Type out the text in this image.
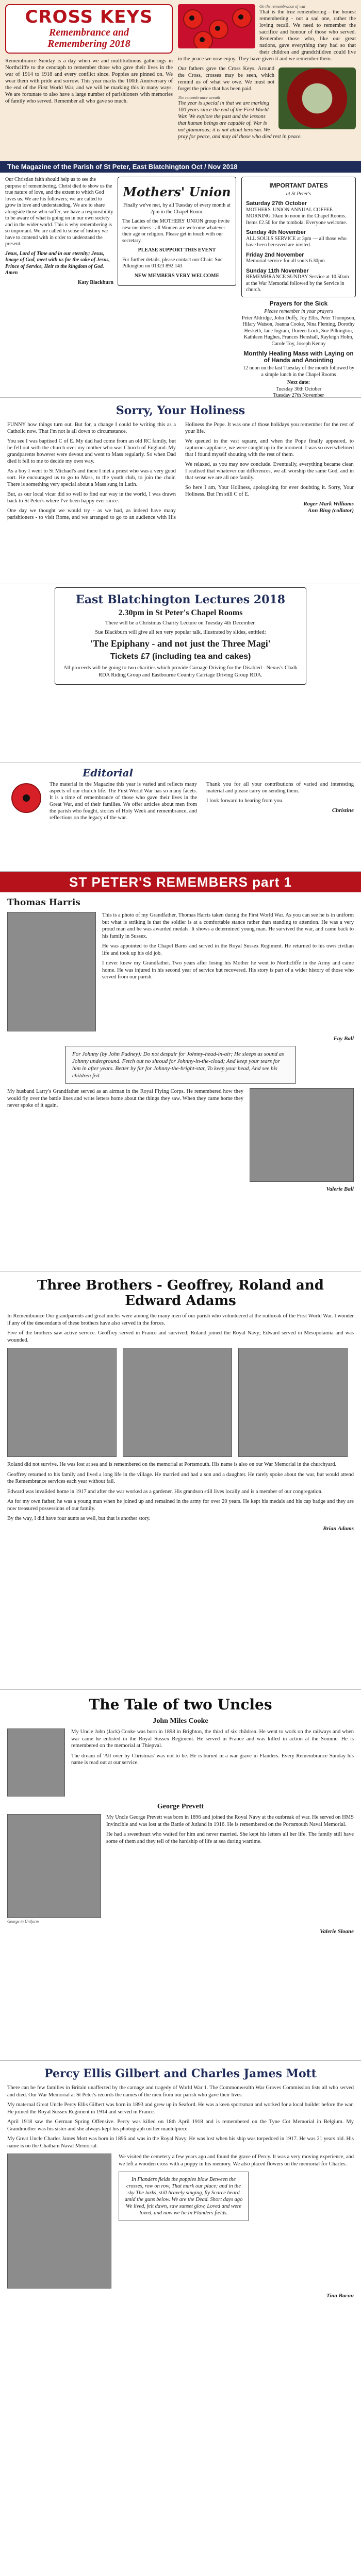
CROSS KEYS
Remembrance and
Remembering 2018
Remembrance Sunday is a day when we and multitudinous gatherings in Northcliffe to the cenotaph to remember those who gave their lives in the war of 1914 to 1918 and every conflict since. Poppies are pinned on. We wear them with pride and sorrow. This year marks the 100th Anniversary of the end of the First World War, and we will be marking this in many ways. We are fortunate to also have a large number of parishioners with memories of family who served. Remember all who gave so much.
On the remembrance of war

That is the true remembering - the honest remembering - not a sad one, rather the loving recall. We need to remember the sacrifice and honour of those who served. Remember those who, like our great nations, gave everything they had so that their children and grandchildren could live in the peace we now enjoy. They have given it and we remember them.

Our fathers gave the Cross Keys. Around the Cross, crosses may be seen, which remind us of what we owe. We must not forget the price that has been paid.

The remembrance wreath
The year is special in that we are marking 100 years since the end of the First World War. We explore the past and the lessons that human beings are capable of. War is not glamorous; it is not about heroism. We pray for peace, and may all those who died rest in peace.
The Magazine of the Parish of St Peter, East Blatchington Oct / Nov 2018

Our Christian faith should help us to see the purpose of remembering. Christ died to show us the true nature of love, and the extent to which God loves us. We are his followers; we are called to grow in love and understanding. We are to share alongside those who suffer; we have a responsibility to be aware of what is going on in our own society and in the wider world. This is why remembering is so important. We are called to sense of history we have to contend with in order to understand the present.

Jesus, Lord of Time and in our eternity; Jesus, Image of God, meet with us for the sake of Jesus, Prince of Service, Heir to the kingdom of God. Amen

Katy Blackburn

Mothers' Union

Finally we've met, by all Tuesday of every month at 2pm in the Chapel Room.

The Ladies of the MOTHERS' UNION group invite new members - all Women are welcome whatever their age or religion. Please get in touch with our secretary.

PLEASE SUPPORT THIS EVENT

For further details, please contact our Chair: Sue Pilkington on 01323 892 143

NEW MEMBERS VERY WELCOME

IMPORTANT DATES
at St Peter's
Saturday 27th October
MOTHERS' UNION ANNUAL COFFEE MORNING 10am to noon in the Chapel Rooms. Items £2.50 for the tombola. Everyone welcome.
Sunday 4th November
ALL SOULS SERVICE at 3pm — all those who have been bereaved are invited.
Friday 2nd November
Memorial service for all souls 6.30pm
Sunday 11th November
REMEMBRANCE SUNDAY Service at 10.50am at the War Memorial followed by the Service in church.
Prayers for the Sick
Please remember in your prayers
Peter Aldridge, John Duffy, Joy Ellis, Peter Thompson, Hilary Watson, Joanna Cooke, Nina Fleming, Dorothy Hesketh, Jane Ingram, Doreen Lock, Sue Pilkington, Kathleen Hughes, Frances Henshall, Rayleigh Holm, Carole Toy, Joseph Kenny
Monthly Healing Mass with Laying on of Hands and Anointing
12 noon on the last Tuesday of the month followed by a simple lunch in the Chapel Rooms
Next date:
Tuesday 30th October
Tuesday 27th November
Sorry, Your Holiness

FUNNY how things turn out. But for, a change I could be writing this as a Catholic now. That I'm not is all down to circumstance.

You see I was baptised C of E. My dad had come from an old RC family, but he fell out with the church over my mother who was Church of England. My grandparents however were devout and went to Mass regularly. So when Dad died it fell to me to decide my own way.

As a boy I went to St Michael's and there I met a priest who was a very good sort. He encouraged us to go to Mass, to the youth club, to join the choir. There is something very special about a Mass sung in Latin.

But, as our local vicar did so well to find our way in the world, I was drawn back to St Peter's where I've been happy ever since.

One day we thought we would try - as we had, as indeed have many parishioners - to visit Rome, and we arranged to go to an audience with His Holiness the Pope. It was one of those holidays you remember for the rest of your life.

We queued in the vast square, and when the Pope finally appeared, to rapturous applause, we were caught up in the moment. I was so overwhelmed that I found myself shouting with the rest of them.

We relaxed, as you may now conclude. Eventually, everything became clear. I realised that whatever our differences, we all worship the same God, and in that sense we are all one family.

So here I am, Your Holiness, apologising for ever doubting it. Sorry, Your Holiness. But I'm still C of E.

Roger Mark Williams
Ann Bing (collator)
East Blatchington Lectures 2018
2.30pm in St Peter's Chapel Rooms

There will be a Christmas Charity Lecture on Tuesday 4th December.

Sue Blackburn will give all ten very popular talk, illustrated by slides, entitled:

'The Epiphany - and not just the Three Magi'
Tickets £7 (including tea and cakes)

All proceeds will be going to two charities which provide Carnage Driving for the Disabled - Nexus's Chalk RDA Riding Group and Eastbourne Country Carriage Driving Group RDA.

Editorial

The material in the Magazine this year is varied and reflects many aspects of our church life. The First World War has so many facets. It is a time of remembrance of those who gave their lives in the Great War, and of their families. We offer articles about men from the parish who fought, stories of Holy Week and remembrance, and reflections on the legacy of the war.

Thank you for all your contributions of varied and interesting material and please carry on sending them.

I look forward to hearing from you.

Christine
ST PETER'S REMEMBERS part 1
Thomas Harris

This is a photo of my Grandfather, Thomas Harris taken during the First World War. As you can see he is in uniform but what is striking is that the soldier is at a comfortable stance rather than standing to attention. He was a very proud man and he was awarded medals. It shows a determined young man. He survived the war, and came back to his family in Sussex.

He was appointed to the Chapel Barns and served in the Royal Sussex Regiment. He returned to his own civilian life and took up his old job.

I never knew my Grandfather. Two years after losing his Mother he went to Northcliffe in the Army and came home. He was injured in his second year of service but recovered. His story is part of a wider history of those who served from our parish.

Fay Ball
For Johnny (by John Pudney): Do not despair for Johnny-head-in-air; He sleeps as sound as Johnny underground. Fetch out no shroud for Johnny-in-the-cloud; And keep your tears for him in after years. Better by far for Johnny-the-bright-star, To keep your head, And see his children fed.

My husband Larry's Grandfather served as an airman in the Royal Flying Corps. He remembered how they would fly over the battle lines and write letters home about the things they saw. When they came home they never spoke of it again.

Valerie Ball
Three Brothers - Geoffrey, Roland and Edward Adams

In Remembrance Our grandparents and great uncles were among the many men of our parish who volunteered at the outbreak of the First World War. I wonder if any of the descendants of these brothers have also served in the forces.

Five of the brothers saw active service. Geoffrey served in France and survived; Roland joined the Royal Navy; Edward served in Mesopotamia and was wounded.

Roland did not survive. He was lost at sea and is remembered on the memorial at Portsmouth. His name is also on our War Memorial in the churchyard.

Geoffrey returned to his family and lived a long life in the village. He married and had a son and a daughter. He rarely spoke about the war, but would attend the Remembrance services each year without fail.

Edward was invalided home in 1917 and after the war worked as a gardener. His grandson still lives locally and is a member of our congregation.

As for my own father, he was a young man when he joined up and remained in the army for over 20 years. He kept his medals and his cap badge and they are now treasured possessions of our family.

By the way, I did have four aunts as well, but that is another story.

Brian Adams
The Tale of two Uncles
John Miles Cooke

My Uncle John (Jack) Cooke was born in 1898 in Brighton, the third of six children. He went to work on the railways and when war came he enlisted in the Royal Sussex Regiment. He served in France and was killed in action at the Somme. He is remembered on the memorial at Thiepval.

The dream of 'All over by Christmas' was not to be. He is buried in a war grave in Flanders. Every Remembrance Sunday his name is read out at our service.

George Prevett
George in Uniform

My Uncle George Prevett was born in 1896 and joined the Royal Navy at the outbreak of war. He served on HMS Invincible and was lost at the Battle of Jutland in 1916. He is remembered on the Portsmouth Naval Memorial.

He had a sweetheart who waited for him and never married. She kept his letters all her life. The family still have some of them and they tell of the hardship of life at sea during wartime.

Valerie Sloane
Percy Ellis Gilbert and Charles James Mott

There can be few families in Britain unaffected by the carnage and tragedy of World War 1. The Commonwealth War Graves Commission lists all who served and died. Our War Memorial at St Peter's records the names of the men from our parish who gave their lives.

My maternal Great Uncle Percy Ellis Gilbert was born in 1893 and grew up in Seaford. He was a keen sportsman and worked for a local builder before the war. He joined the Royal Sussex Regiment in 1914 and served in France.

April 1918 saw the German Spring Offensive. Percy was killed on 18th April 1918 and is remembered on the Tyne Cot Memorial in Belgium. My Grandmother was his sister and she always kept his photograph on her mantelpiece.

My Great Uncle Charles James Mott was born in 1896 and was in the Royal Navy. He was lost when his ship was torpedoed in 1917. He was 21 years old. His name is on the Chatham Naval Memorial.

We visited the cemetery a few years ago and found the grave of Percy. It was a very moving experience, and we left a wooden cross with a poppy in his memory. We also placed flowers on the memorial for Charles.

In Flanders fields the poppies blow Between the crosses, row on row, That mark our place; and in the sky The larks, still bravely singing, fly Scarce heard amid the guns below. We are the Dead. Short days ago We lived, felt dawn, saw sunset glow, Loved and were loved, and now we lie In Flanders fields.
Tina Bacon
